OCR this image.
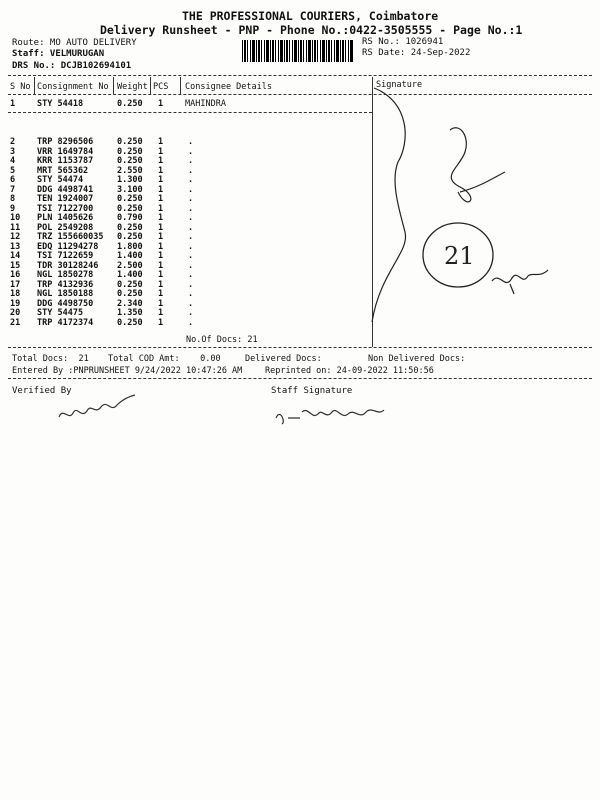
THE PROFESSIONAL COURIERS, Coimbatore
Delivery Runsheet - PNP - Phone No.:0422-3505555 - Page No.:1
Route: MO AUTO DELIVERY
Staff: VELMURUGAN
DRS No.: DCJB102694101
RS No.: 1026941
RS Date: 24-Sep-2022
S No Consignment No Weight PCS Consignee Details	Signature
1	STY 54418	0.250 1	MAHINDRA
2	TRP 8296506	0.250 1	.
3	VRR 1649784	0.250 1	.
4	KRR 1153787	0.250 1	.
5	MRT 565362	2.550 1	.
6	STY 54474	1.300 1	.
7	DDG 4498741	3.100 1	.
8	TEN 1924007	0.250 1	.
9	TSI 7122700	0.250 1	.
10 PLN 1405626	0.790 1	.
11 POL 2549208	0.250 1	.
12 TRZ 155660035 0.250 1	.
13 EDQ 11294278 1.800 1	.
14 TSI 7122659	1.400 1	.
15 TDR 30128246 2.500 1	.
16 NGL 1850278	1.400 1	.
17 TRP 4132936	0.250 1	.
18 NGL 1850188	0.250 1	.
19 DDG 4498750	2.340 1	.
20 STY 54475	1.350 1	.
21 TRP 4172374	0.250 1	.
No.Of Docs: 21
21
Total Docs:  21 Total COD Amt:    0.00	Delivered Docs:	Non Delivered Docs:
Entered By :PNPRUNSHEET 9/24/2022 10:47:26 AM	Reprinted on: 24-09-2022 11:50:56
Verified By	Staff Signature
